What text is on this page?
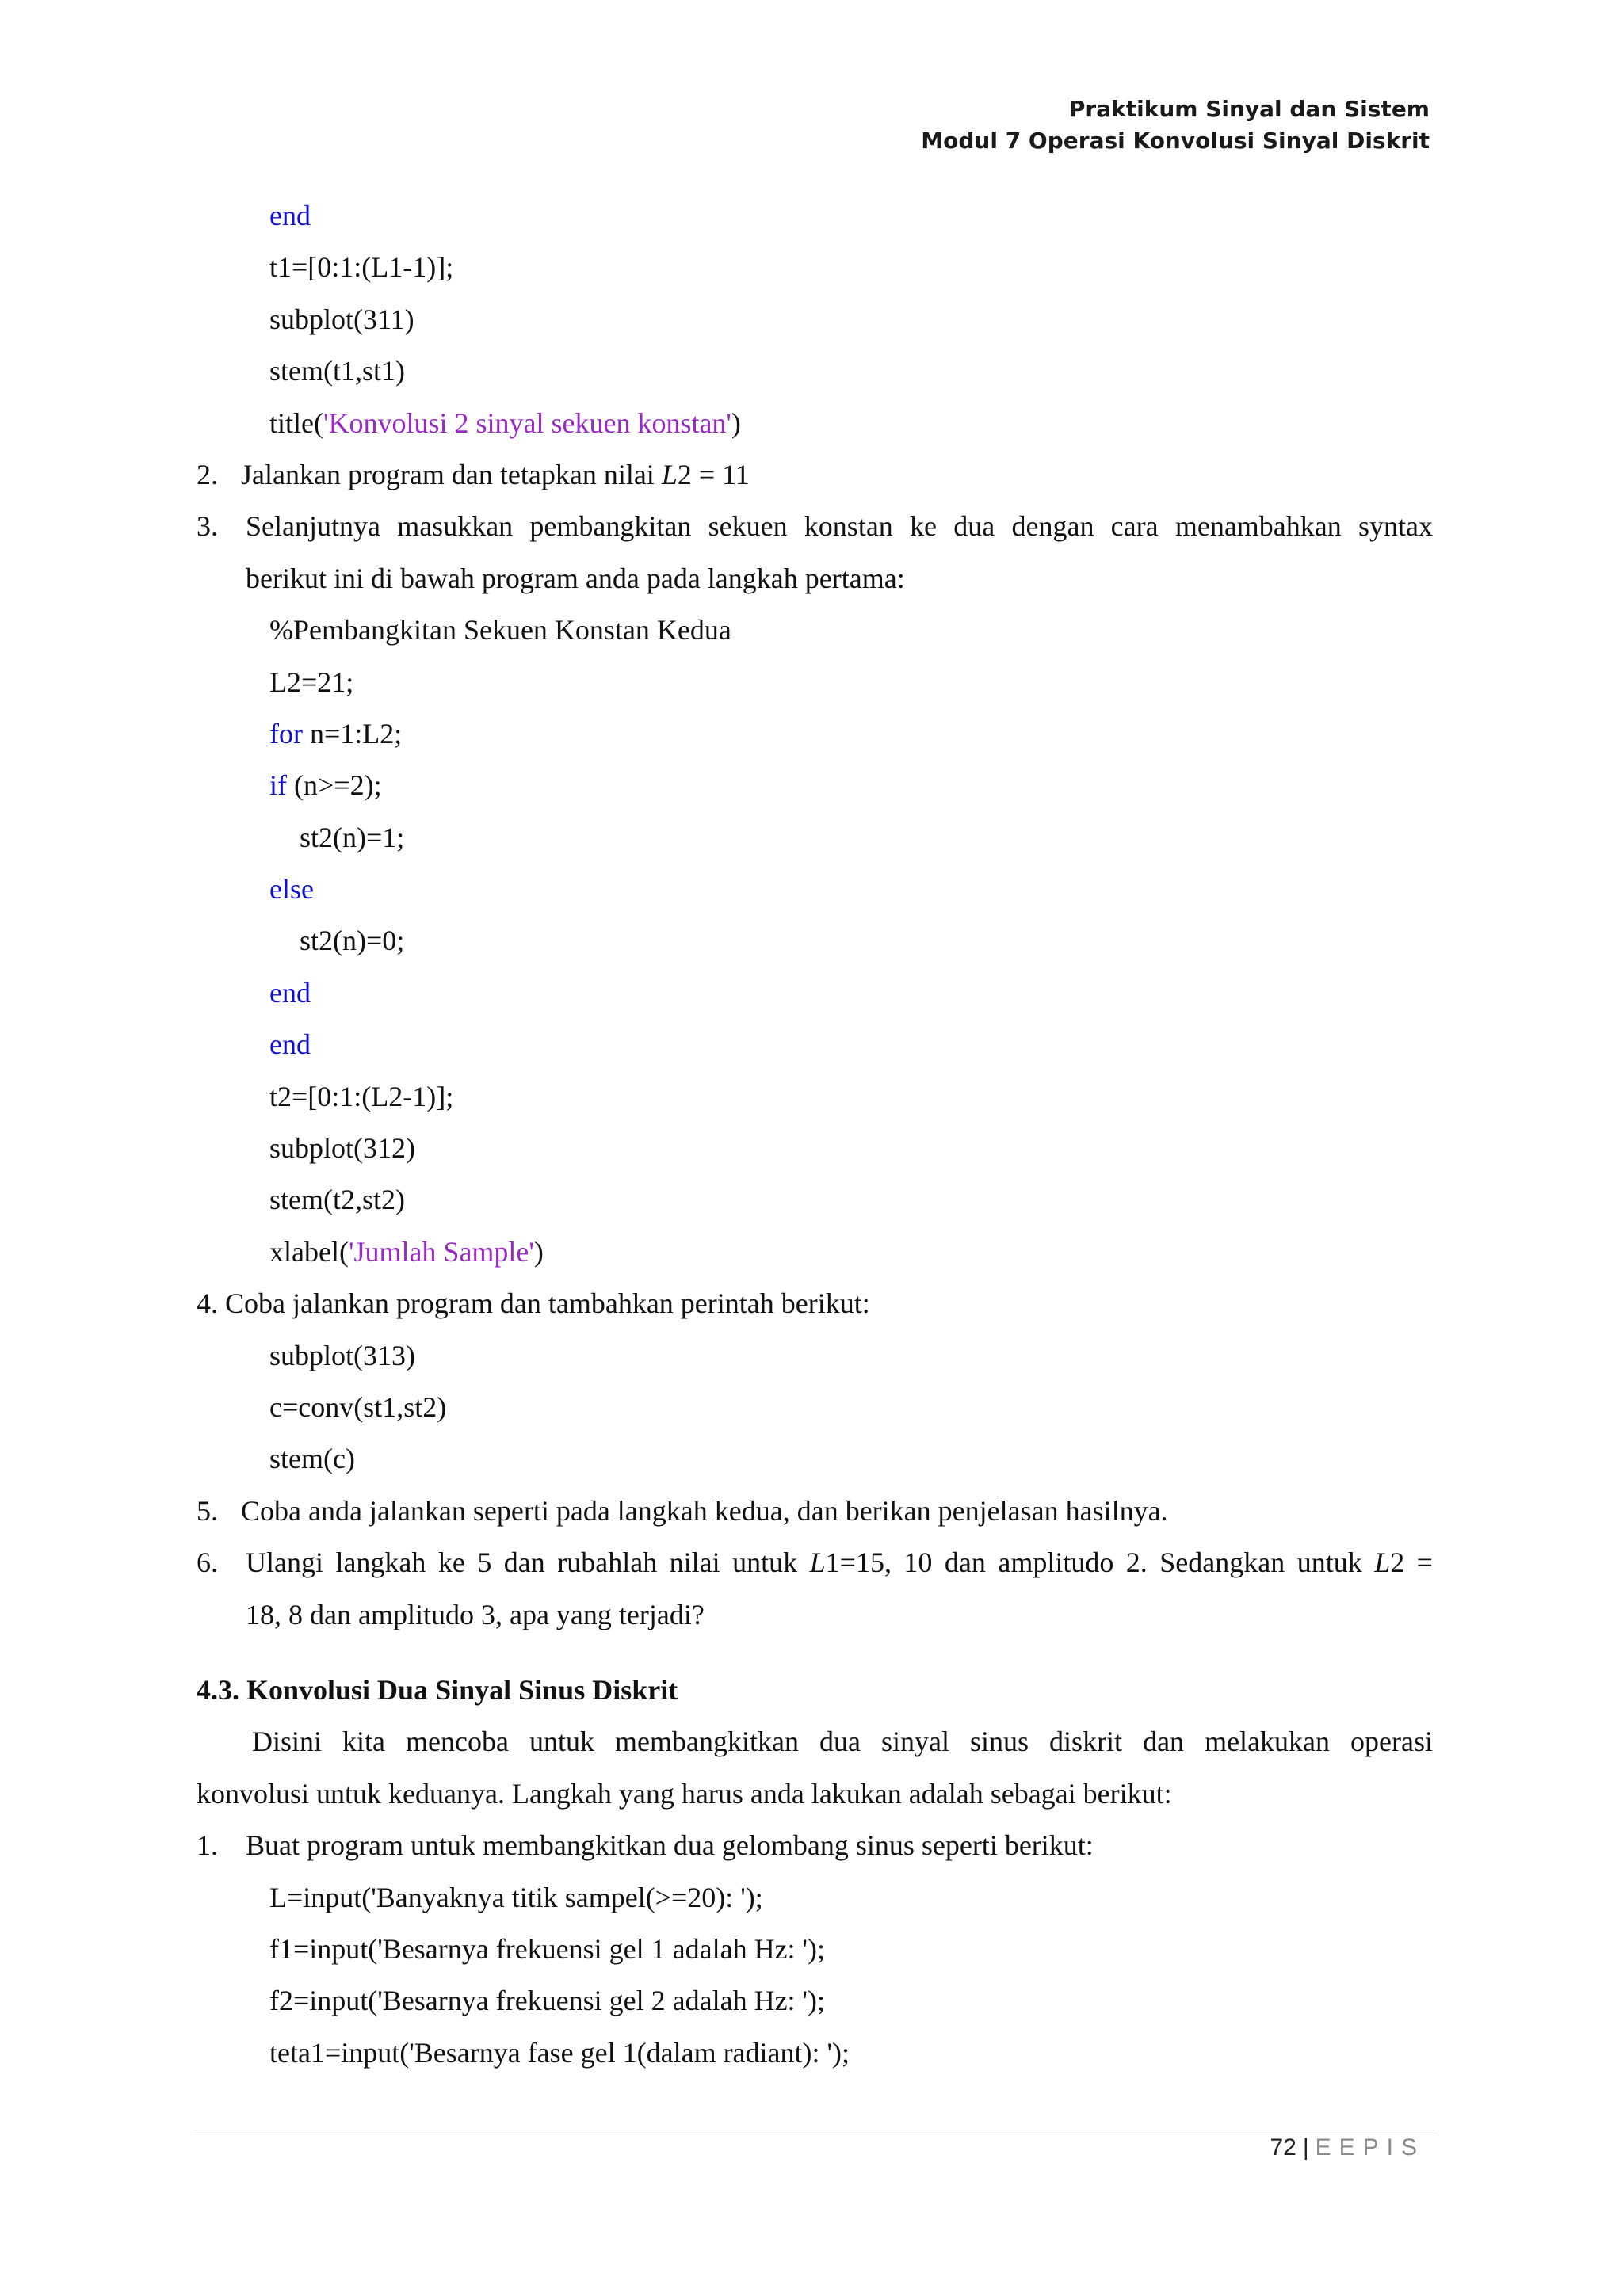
Praktikum Sinyal dan Sistem
Modul 7 Operasi Konvolusi Sinyal Diskrit
end
t1=[0:1:(L1-1)];
subplot(311)
stem(t1,st1)
title('Konvolusi 2 sinyal sekuen konstan')
2. Jalankan program dan tetapkan nilai L2 = 11
3. Selanjutnya masukkan pembangkitan sekuen konstan ke dua dengan cara menambahkan syntax
berikut ini di bawah program anda pada langkah pertama:
%Pembangkitan Sekuen Konstan Kedua
L2=21;
for n=1:L2;
if (n>=2);
st2(n)=1;
else
st2(n)=0;
end
end
t2=[0:1:(L2-1)];
subplot(312)
stem(t2,st2)
xlabel('Jumlah Sample')
4. Coba jalankan program dan tambahkan perintah berikut:
subplot(313)
c=conv(st1,st2)
stem(c)
5. Coba anda jalankan seperti pada langkah kedua, dan berikan penjelasan hasilnya.
6. Ulangi langkah ke 5 dan rubahlah nilai untuk L1=15, 10 dan amplitudo 2. Sedangkan untuk L2 =
18, 8 dan amplitudo 3, apa yang terjadi?
4.3. Konvolusi Dua Sinyal Sinus Diskrit
Disini kita mencoba untuk membangkitkan dua sinyal sinus diskrit dan melakukan operasi
konvolusi untuk keduanya. Langkah yang harus anda lakukan adalah sebagai berikut:
1. Buat program untuk membangkitkan dua gelombang sinus seperti berikut:
L=input('Banyaknya titik sampel(>=20): ');
f1=input('Besarnya frekuensi gel 1 adalah Hz: ');
f2=input('Besarnya frekuensi gel 2 adalah Hz: ');
teta1=input('Besarnya fase gel 1(dalam radiant): ');
72 | EEPIS
